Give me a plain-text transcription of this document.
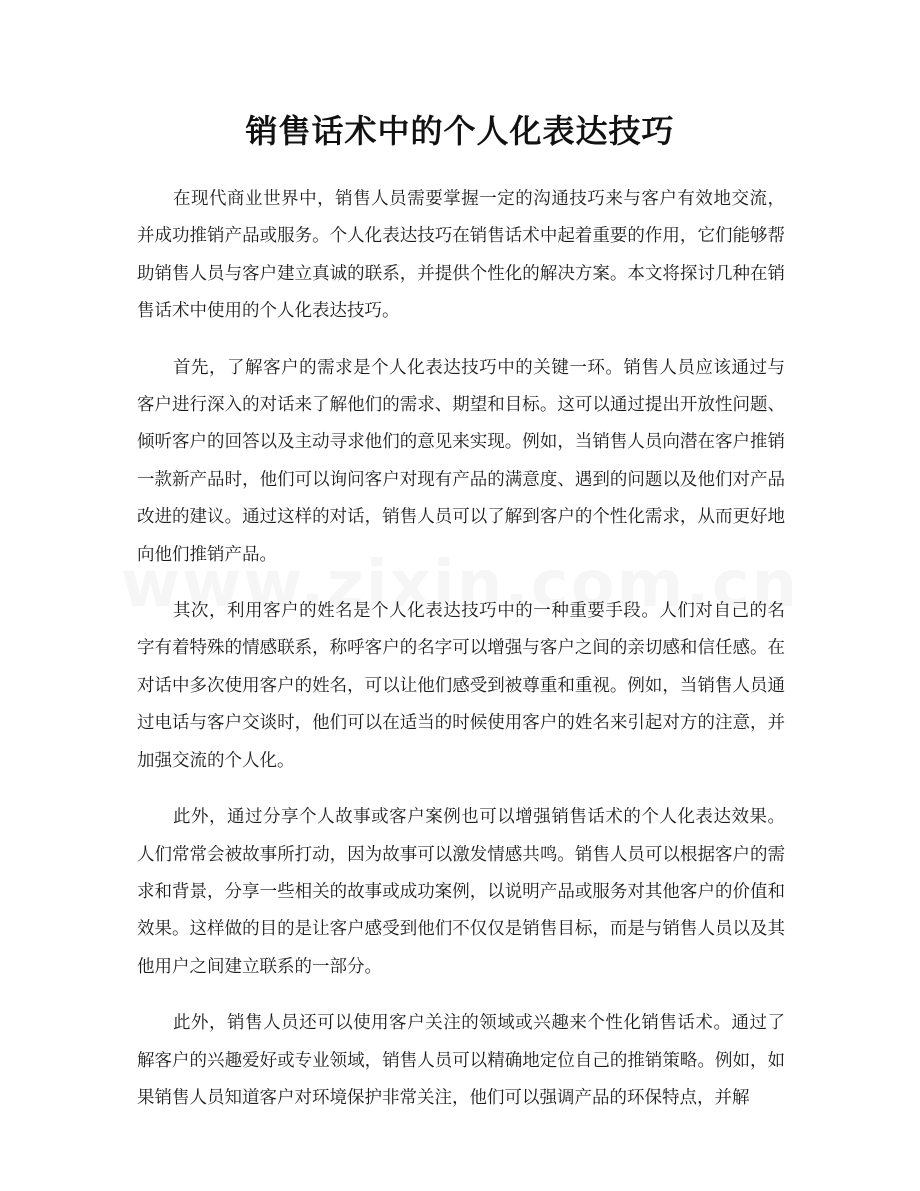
销售话术中的个人化表达技巧

在现代商业世界中，销售人员需要掌握一定的沟通技巧来与客户有效地交流，并成功推销产品或服务。个人化表达技巧在销售话术中起着重要的作用，它们能够帮助销售人员与客户建立真诚的联系，并提供个性化的解决方案。本文将探讨几种在销售话术中使用的个人化表达技巧。

首先，了解客户的需求是个人化表达技巧中的关键一环。销售人员应该通过与客户进行深入的对话来了解他们的需求、期望和目标。这可以通过提出开放性问题、倾听客户的回答以及主动寻求他们的意见来实现。例如，当销售人员向潜在客户推销一款新产品时，他们可以询问客户对现有产品的满意度、遇到的问题以及他们对产品改进的建议。通过这样的对话，销售人员可以了解到客户的个性化需求，从而更好地向他们推销产品。

其次，利用客户的姓名是个人化表达技巧中的一种重要手段。人们对自己的名字有着特殊的情感联系，称呼客户的名字可以增强与客户之间的亲切感和信任感。在对话中多次使用客户的姓名，可以让他们感受到被尊重和重视。例如，当销售人员通过电话与客户交谈时，他们可以在适当的时候使用客户的姓名来引起对方的注意，并加强交流的个人化。

此外，通过分享个人故事或客户案例也可以增强销售话术的个人化表达效果。人们常常会被故事所打动，因为故事可以激发情感共鸣。销售人员可以根据客户的需求和背景，分享一些相关的故事或成功案例，以说明产品或服务对其他客户的价值和效果。这样做的目的是让客户感受到他们不仅仅是销售目标，而是与销售人员以及其他用户之间建立联系的一部分。

此外，销售人员还可以使用客户关注的领域或兴趣来个性化销售话术。通过了解客户的兴趣爱好或专业领域，销售人员可以精确地定位自己的推销策略。例如，如果销售人员知道客户对环境保护非常关注，他们可以强调产品的环保特点，并解
